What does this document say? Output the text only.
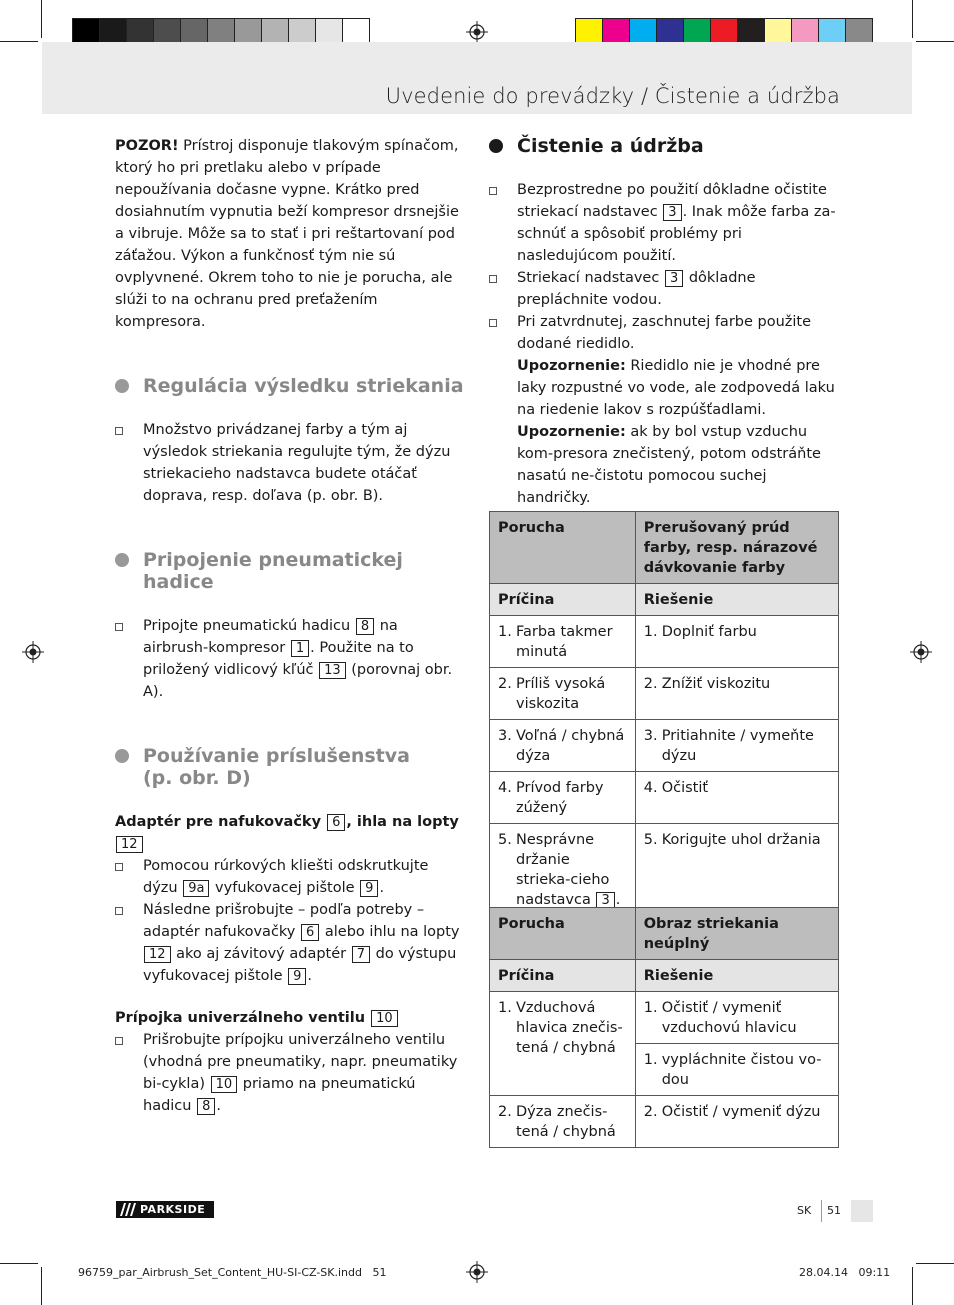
Uvedenie do prevádzky / Čistenie a údržba

POZOR! Prístroj disponuje tlakovým spínačom, ktorý ho pri pretlaku alebo v prípade nepoužívania dočasne vypne. Krátko pred dosiahnutím vypnutia beží kompresor drsnejšie a vibruje. Môže sa to stať i pri reštartovaní pod záťažou. Výkon a funkčnosť tým nie sú ovplyvnené. Okrem toho to nie je porucha, ale slúži to na ochranu pred preťažením kompresora.

Regulácia výsledku striekania
Množstvo privádzanej farby a tým aj výsledok striekania regulujte tým, že dýzu striekacieho nadstavca budete otáčať doprava, resp. doľava (p. obr. B).
Pripojenie pneumatickej
hadice
Pripojte pneumatickú hadicu 8 na airbrush-kompresor 1 . Použite na to priložený vidlicový kľúč 13 (porovnaj obr. A).
Používanie príslušenstva
(p. obr. D)

Adaptér pre nafukovačky 6 , ihla na lopty 12

Pomocou rúrkových kliešti odskrutkujte dýzu 9a vyfukovacej pištole 9 .
Následne prišrobujte – podľa potreby – adaptér nafukovačky 6 alebo ihlu na lopty 12 ako aj závitový adaptér 7 do výstupu vyfukovacej pištole 9 .

Prípojka univerzálneho ventilu 10

Prišrobujte prípojku univerzálneho ventilu (vhodná pre pneumatiky, napr. pneumatiky bi-cykla) 10 priamo na pneumatickú hadicu 8 .
Čistenie a údržba
Bezprostredne po použití dôkladne očistite striekací nadstavec 3 . Inak môže farba za-schnúť a spôsobiť problémy pri nasledujúcom použití.
Striekací nadstavec 3 dôkladne prepláchnite vodou.
Pri zatvrdnutej, zaschnutej farbe použite dodané riedidlo.
Upozornenie: Riedidlo nie je vhodné pre laky rozpustné vo vode, ale zodpovedá laku na riedenie lakov s rozpúšťadlami.
Upozornenie: ak by bol vstup vzduchu kom-presora znečistený, potom odstráňte nasatú ne-čistotu pomocou suchej handričky.
Porucha	Prerušovaný prúd farby, resp. nárazové dávkovanie farby
Príčina	Riešenie

1. Farba takmer minutá	1. Doplniť farbu

2. Príliš vysoká viskozita	2. Znížiť viskozitu

3. Voľná / chybná dýza	3. Pritiahnite / vymeňte dýzu

4. Prívod farby zúžený	4. Očistiť

5. Nesprávne držanie strieka-cieho nadstavca 3 .	5. Korigujte uhol držania
Porucha	Obraz striekania neúplný
Príčina	Riešenie

1. Vzduchová hlavica znečis-tená / chybná	1. Očistiť / vymeniť vzduchovú hlavicu

	1. vypláchnite čistou vo-dou

2. Dýza znečis-tená / chybná	2. Očistiť / vymeniť dýzu
PARKSIDE	SK 51
96759_par_Airbrush_Set_Content_HU-SI-CZ-SK.indd   51	28.04.14   09:11
